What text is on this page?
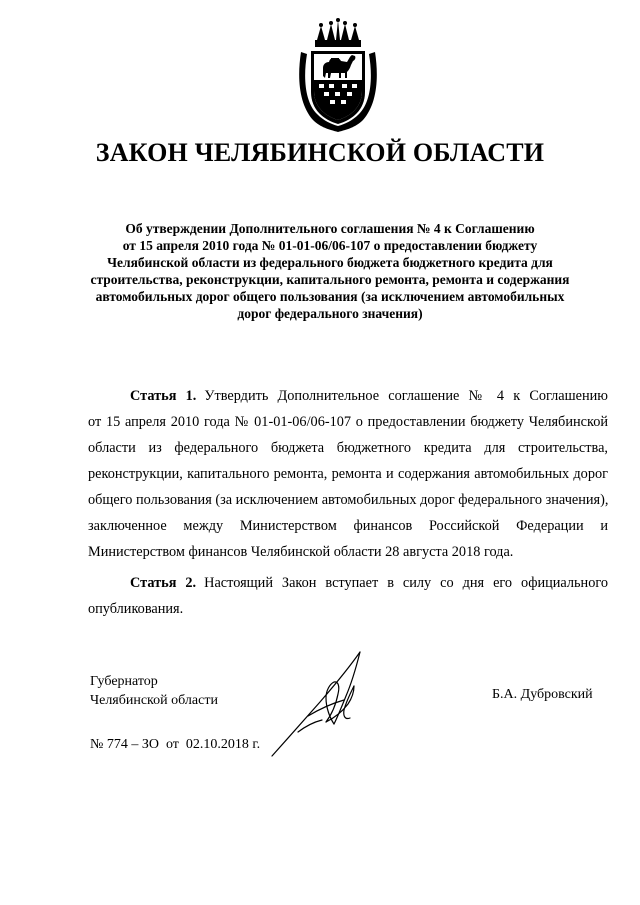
ЗАКОН ЧЕЛЯБИНСКОЙ ОБЛАСТИ
Об утверждении Дополнительного соглашения № 4 к Соглашению
от 15 апреля 2010 года № 01-01-06/06-107 о предоставлении бюджету
Челябинской области из федерального бюджета бюджетного кредита для
строительства, реконструкции, капитального ремонта, ремонта и содержания
автомобильных дорог общего пользования (за исключением автомобильных
дорог федерального значения)
Статья 1. Утвердить Дополнительное соглашение № 4 к Соглашению
от 15 апреля 2010 года № 01-01-06/06-107 о предоставлении бюджету Челябинской
области из федерального бюджета бюджетного кредита для строительства,
реконструкции, капитального ремонта, ремонта и содержания автомобильных дорог
общего пользования (за исключением автомобильных дорог федерального значения),
заключенное между Министерством финансов Российской Федерации и
Министерством финансов Челябинской области 28 августа 2018 года.
Статья 2. Настоящий Закон вступает в силу со дня его официального
опубликования.
Губернатор
Челябинской области	Б.А. Дубровский
№ 774 – ЗО  от  02.10.2018 г.
